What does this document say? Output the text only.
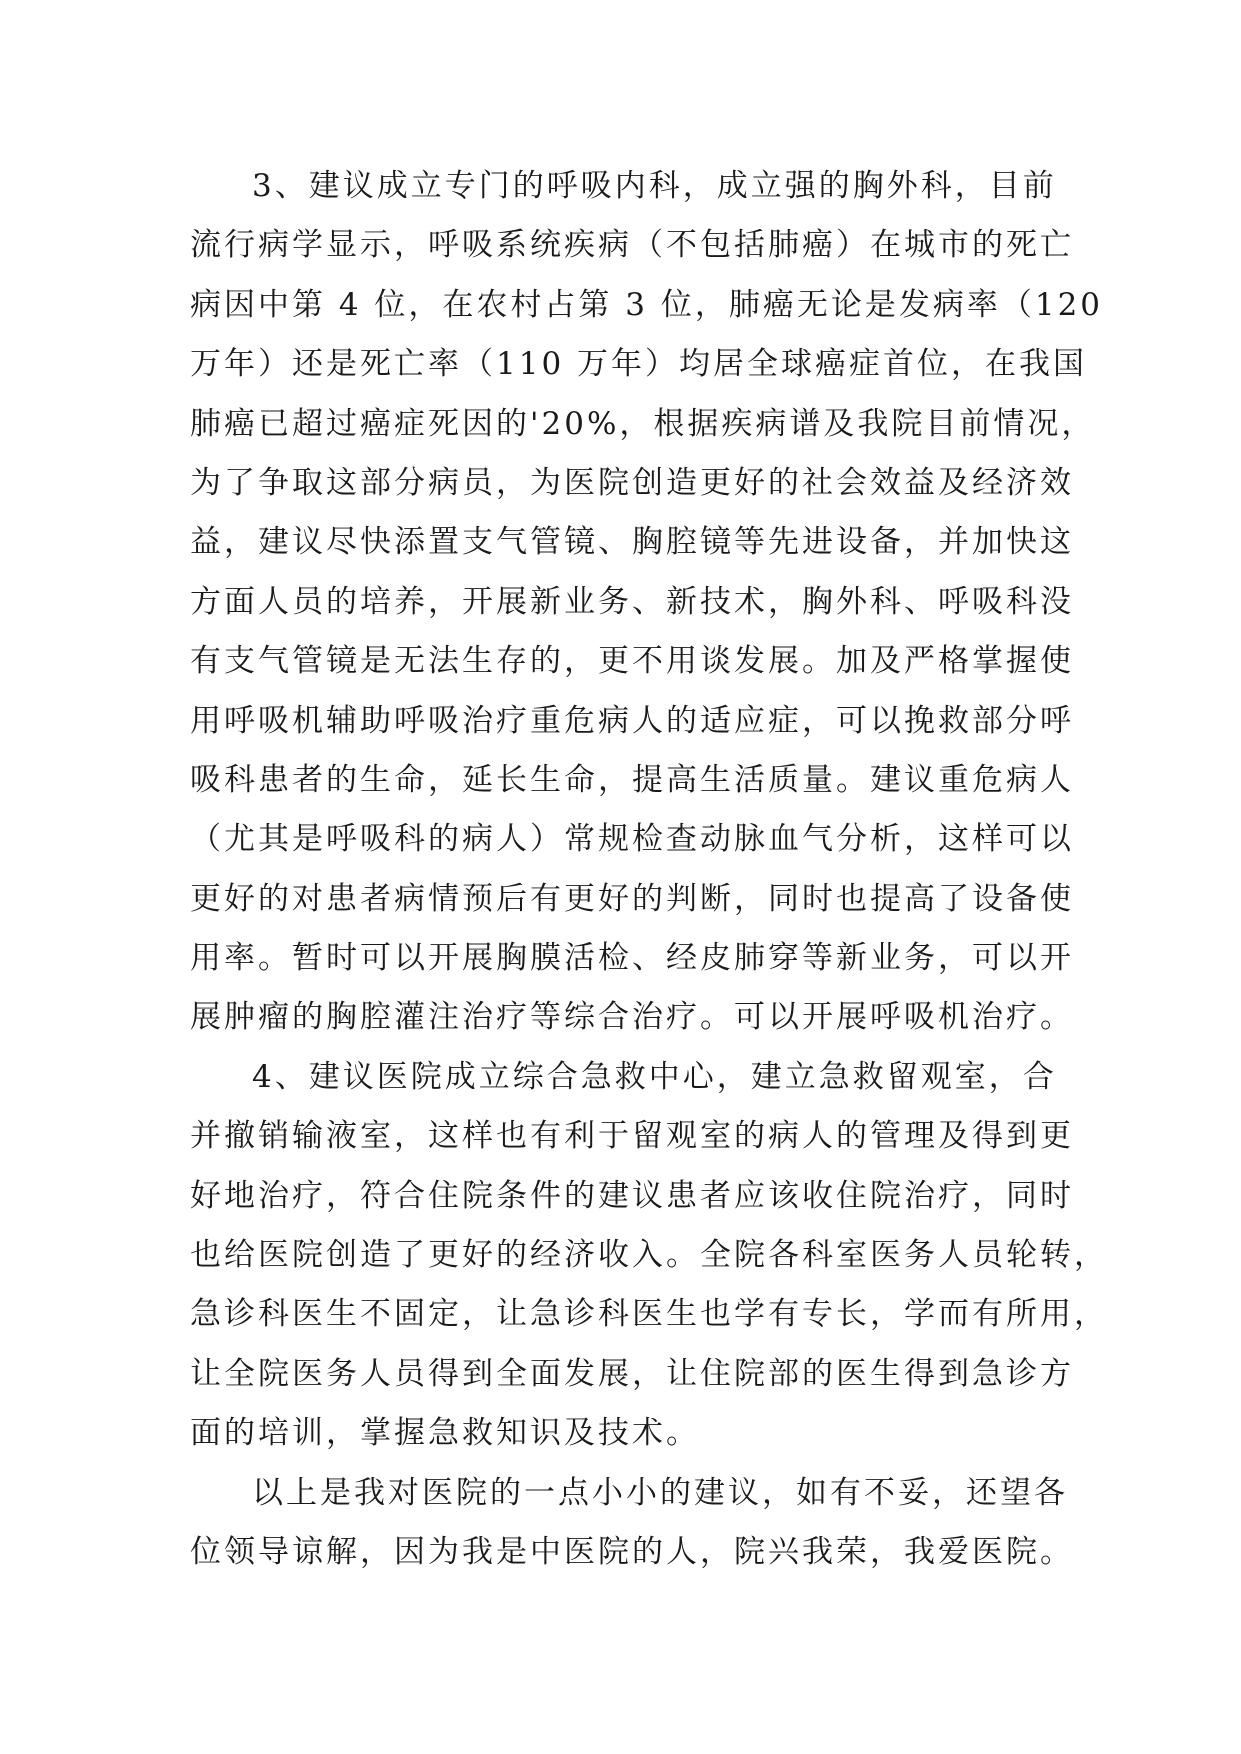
3、建议成立专门的呼吸内科，成立强的胸外科，目前
流行病学显示，呼吸系统疾病（不包括肺癌）在城市的死亡
病因中第 4 位，在农村占第 3 位，肺癌无论是发病率（120
万年）还是死亡率（110 万年）均居全球癌症首位，在我国
肺癌已超过癌症死因的'20%，根据疾病谱及我院目前情况，
为了争取这部分病员，为医院创造更好的社会效益及经济效
益，建议尽快添置支气管镜、胸腔镜等先进设备，并加快这
方面人员的培养，开展新业务、新技术，胸外科、呼吸科没
有支气管镜是无法生存的，更不用谈发展。加及严格掌握使
用呼吸机辅助呼吸治疗重危病人的适应症，可以挽救部分呼
吸科患者的生命，延长生命，提高生活质量。建议重危病人
（尤其是呼吸科的病人）常规检查动脉血气分析，这样可以
更好的对患者病情预后有更好的判断，同时也提高了设备使
用率。暂时可以开展胸膜活检、经皮肺穿等新业务，可以开
展肿瘤的胸腔灌注治疗等综合治疗。可以开展呼吸机治疗。
4、建议医院成立综合急救中心，建立急救留观室，合
并撤销输液室，这样也有利于留观室的病人的管理及得到更
好地治疗，符合住院条件的建议患者应该收住院治疗，同时
也给医院创造了更好的经济收入。全院各科室医务人员轮转，
急诊科医生不固定，让急诊科医生也学有专长，学而有所用，
让全院医务人员得到全面发展，让住院部的医生得到急诊方
面的培训，掌握急救知识及技术。
以上是我对医院的一点小小的建议，如有不妥，还望各
位领导谅解，因为我是中医院的人，院兴我荣，我爱医院。
